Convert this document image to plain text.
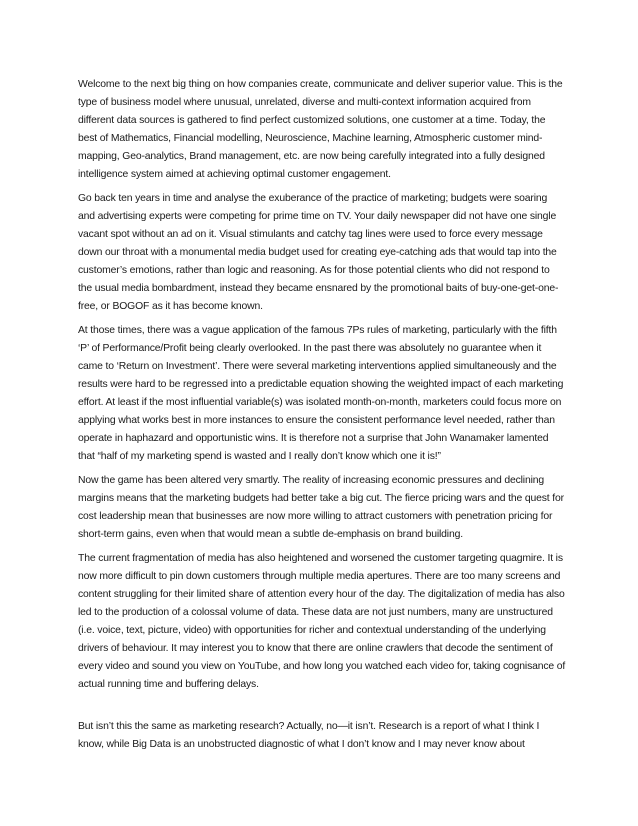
Welcome to the next big thing on how companies create, communicate and deliver superior value. This is the type of business model where unusual, unrelated, diverse and multi-context information acquired from different data sources is gathered to find perfect customized solutions, one customer at a time. Today, the best of Mathematics, Financial modelling, Neuroscience, Machine learning, Atmospheric customer mind-mapping, Geo-analytics, Brand management, etc. are now being carefully integrated into a fully designed intelligence system aimed at achieving optimal customer engagement.

Go back ten years in time and analyse the exuberance of the practice of marketing; budgets were soaring and advertising experts were competing for prime time on TV. Your daily newspaper did not have one single vacant spot without an ad on it. Visual stimulants and catchy tag lines were used to force every message down our throat with a monumental media budget used for creating eye-catching ads that would tap into the customer’s emotions, rather than logic and reasoning. As for those potential clients who did not respond to the usual media bombardment, instead they became ensnared by the promotional baits of buy-one-get-one-free, or BOGOF as it has become known.

At those times, there was a vague application of the famous 7Ps rules of marketing, particularly with the fifth ‘P’ of Performance/Profit being clearly overlooked. In the past there was absolutely no guarantee when it came to ‘Return on Investment’. There were several marketing interventions applied simultaneously and the results were hard to be regressed into a predictable equation showing the weighted impact of each marketing effort. At least if the most influential variable(s) was isolated month-on-month, marketers could focus more on applying what works best in more instances to ensure the consistent performance level needed, rather than operate in haphazard and opportunistic wins. It is therefore not a surprise that John Wanamaker lamented that “half of my marketing spend is wasted and I really don’t know which one it is!”

Now the game has been altered very smartly. The reality of increasing economic pressures and declining margins means that the marketing budgets had better take a big cut. The fierce pricing wars and the quest for cost leadership mean that businesses are now more willing to attract customers with penetration pricing for short-term gains, even when that would mean a subtle de-emphasis on brand building.

The current fragmentation of media has also heightened and worsened the customer targeting quagmire. It is now more difficult to pin down customers through multiple media apertures. There are too many screens and content struggling for their limited share of attention every hour of the day. The digitalization of media has also led to the production of a colossal volume of data. These data are not just numbers, many are unstructured (i.e. voice, text, picture, video) with opportunities for richer and contextual understanding of the underlying drivers of behaviour. It may interest you to know that there are online crawlers that decode the sentiment of every video and sound you view on YouTube, and how long you watched each video for, taking cognisance of actual running time and buffering delays.

But isn’t this the same as marketing research? Actually, no—it isn’t. Research is a report of what I think I know, while Big Data is an unobstructed diagnostic of what I don’t know and I may never know about
